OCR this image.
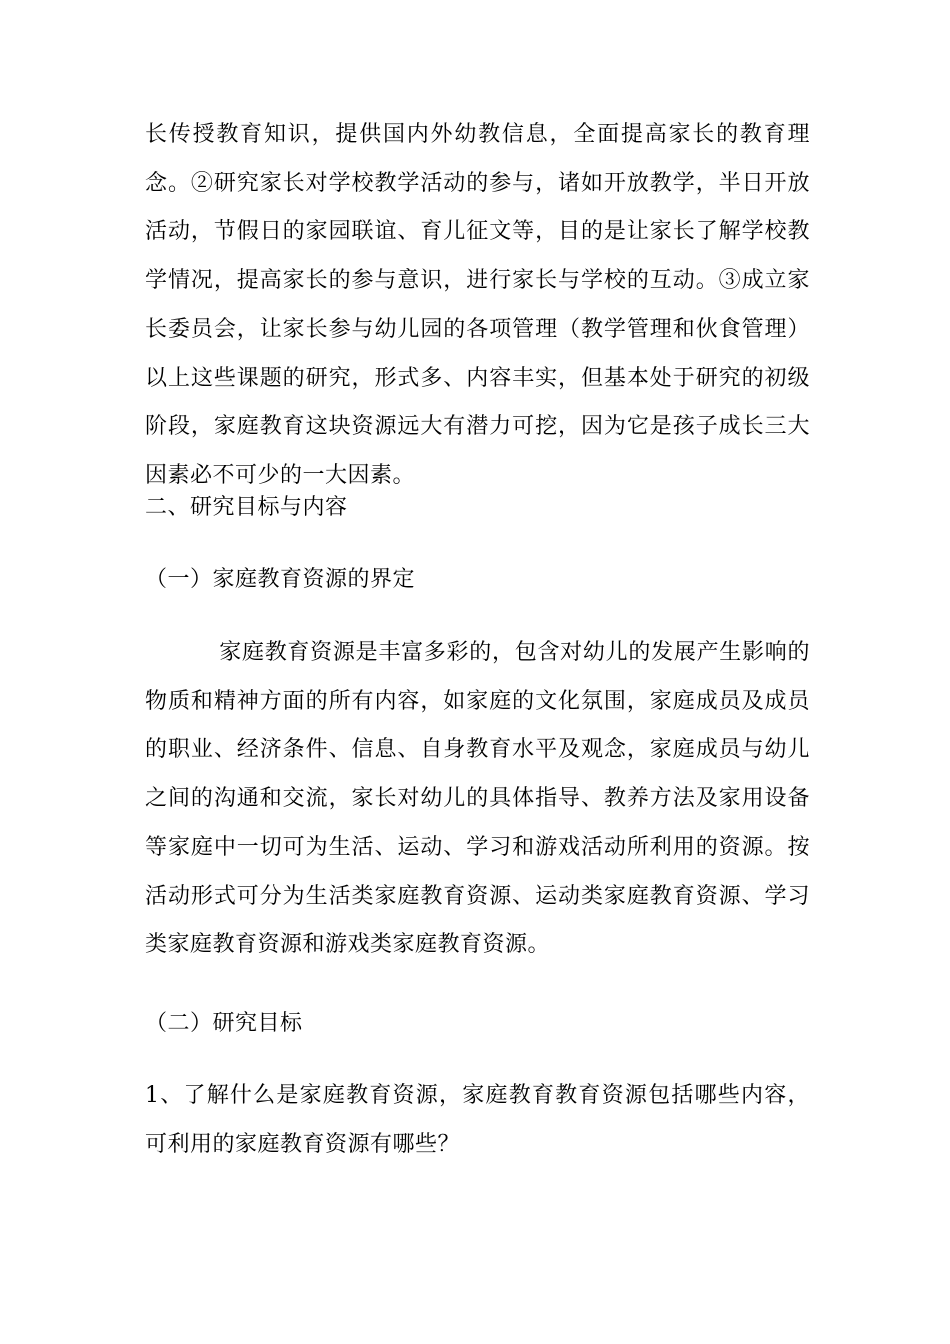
长传授教育知识，提供国内外幼教信息，全面提高家长的教育理念。②研究家长对学校教学活动的参与，诸如开放教学，半日开放活动，节假日的家园联谊、育儿征文等，目的是让家长了解学校教学情况，提高家长的参与意识，进行家长与学校的互动。③成立家长委员会，让家长参与幼儿园的各项管理（教学管理和伙食管理）以上这些课题的研究，形式多、内容丰实，但基本处于研究的初级阶段，家庭教育这块资源远大有潜力可挖，因为它是孩子成长三大因素必不可少的一大因素。

二、研究目标与内容

（一）家庭教育资源的界定

家庭教育资源是丰富多彩的，包含对幼儿的发展产生影响的物质和精神方面的所有内容，如家庭的文化氛围，家庭成员及成员的职业、经济条件、信息、自身教育水平及观念，家庭成员与幼儿之间的沟通和交流，家长对幼儿的具体指导、教养方法及家用设备等家庭中一切可为生活、运动、学习和游戏活动所利用的资源。按活动形式可分为生活类家庭教育资源、运动类家庭教育资源、学习类家庭教育资源和游戏类家庭教育资源。

（二）研究目标

1、了解什么是家庭教育资源，家庭教育教育资源包括哪些内容，可利用的家庭教育资源有哪些？
